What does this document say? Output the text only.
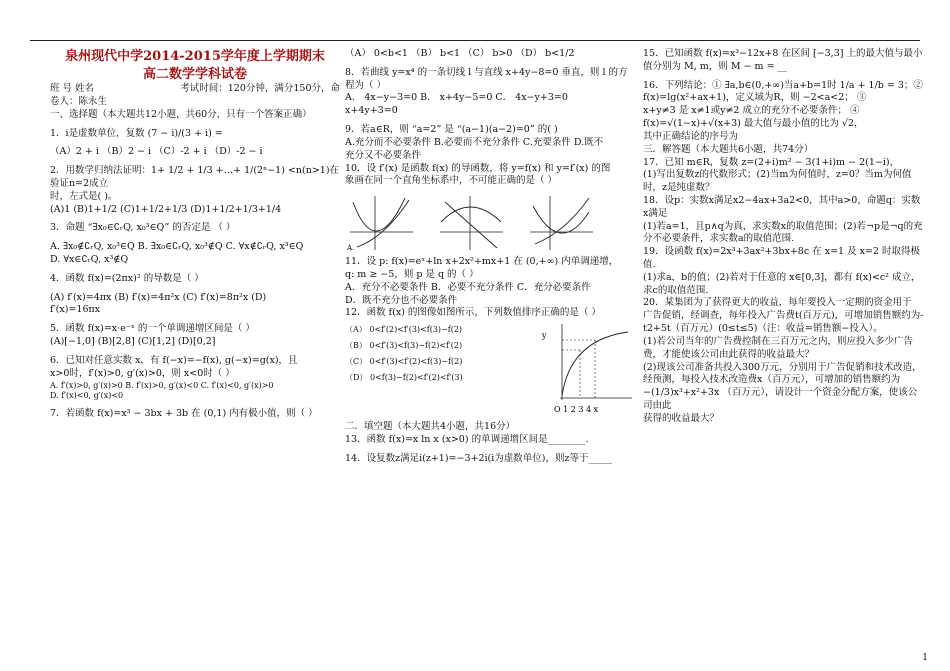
泉州现代中学2014-2015学年度上学期期末
高二数学学科试卷
班 号 姓名	考试时间：120分钟，满分150分，命
卷人：陈永生
一、选择题（本大题共12小题，共60分，只有一个答案正确）
1．i是虚数单位，复数 (7 − i)/(3 + i) =
（A）2 + i （B）2 − i （C）-2 + i （D）-2 − i
2．用数学归纳法证明：1+ 1/2 + 1/3 +…+ 1/(2ⁿ−1) <n(n>1)在验证n=2成立
时，左式是( )。
(A)1 (B)1+1/2 (C)1+1/2+1/3 (D)1+1/2+1/3+1/4
3．命题 “∃x₀∈∁ᵣQ, x₀³∈Q” 的否定是 （ ）
A. ∃x₀∉∁ᵣQ, x₀³∈Q B. ∃x₀∈∁ᵣQ, x₀³∉Q C. ∀x∉∁ᵣQ, x³∈Q
D. ∀x∈∁ᵣQ, x³∉Q
4．函数 f(x)=(2πx)² 的导数是（ ）
(A) f′(x)=4πx (B) f′(x)=4π²x (C) f′(x)=8π²x (D)
f′(x)=16πx
5．函数 f(x)=x·e⁻ˣ 的一个单调递增区间是（ ）
(A)[−1,0] (B)[2,8] (C)[1,2] (D)[0,2]
6．已知对任意实数 x，有 f(−x)=−f(x), g(−x)=g(x)，且
x>0时，f′(x)>0, g′(x)>0，则 x<0时（ ）
A. f′(x)>0, g′(x)>0 B. f′(x)>0, g′(x)<0 C. f′(x)<0, g′(x)>0
D. f′(x)<0, g′(x)<0
7．若函数 f(x)=x³ − 3bx + 3b 在 (0,1) 内有极小值，则（ ）
（A） 0<b<1 （B） b<1 （C） b>0 （D） b<1/2
8．若曲线 y=x⁴ 的一条切线 l 与直线 x+4y−8=0 垂直，则 l 的方
程为（ ）
A． 4x−y−3=0 B． x+4y−5=0 C． 4x−y+3=0
x+4y+3=0
9．若a∈R，则 “a=2” 是 “(a−1)(a−2)=0” 的( )
A.充分而不必要条件 B.必要而不充分条件 C.充要条件 D.既不
充分又不必要条件
10．设 f′(x) 是函数 f(x) 的导函数，将 y=f(x) 和 y=f′(x) 的图
象画在同一个直角坐标系中，不可能正确的是（ ）
A.
11．设 p: f(x)=eˣ+ln x+2x²+mx+1 在 (0,+∞) 内单调递增，
q: m ≥ −5，则 p 是 q 的（ ）
A．充分不必要条件 B．必要不充分条件 C．充分必要条件
D．既不充分也不必要条件
12．函数 f(x) 的图像如图所示，下列数值排序正确的是（ ）
（A） 0<f′(2)<f′(3)<f(3)−f(2)
（B） 0<f′(3)<f(3)−f(2)<f′(2)
（C） 0<f′(3)<f′(2)<f(3)−f(2)
（D） 0<f(3)−f(2)<f′(2)<f′(3)
y
O 1 2 3 4 x
二．填空题（本大题共4小题，共16分）
13．函数 f(x)=x ln x (x>0) 的单调递增区间是________.
14．设复数z满足i(z+1)=−3+2i(i为虚数单位)，则z等于_____
15．已知函数 f(x)=x³−12x+8 在区间 [−3,3] 上的最大值与最小
值分别为 M, m，则 M − m = __
16．下列结论：① ∃a,b∈(0,+∞)当a+b=1时 1/a + 1/b = 3；②
f(x)=lg(x²+ax+1)，定义域为R，则 −2<a<2； ③
x+y≠3 是 x≠1或y≠2 成立的充分不必要条件； ④
f(x)=√(1−x)+√(x+3) 最大值与最小值的比为 √2，
其中正确结论的序号为
三．解答题（本大题共6小题，共74分）
17．已知 m∈R，复数 z=(2+i)m² − 3(1+i)m − 2(1−i)，
(1)写出复数z的代数形式；(2)当m为何值时，z=0？当m为何值
时，z是纯虚数？
18．设p：实数x满足x2−4ax+3a2<0，其中a>0，命题q：实数x满足
(1)若a=1，且p∧q为真，求实数x的取值范围；(2)若¬p是¬q的充
分不必要条件，求实数a的取值范围.
19．设函数 f(x)=2x³+3ax²+3bx+8c 在 x=1 及 x=2 时取得极
值.
(1)求a，b的值；(2)若对于任意的 x∈[0,3]，都有 f(x)<c² 成立，
求c的取值范围.
20．某集团为了获得更大的收益，每年要投入一定期的资金用于
广告促销，经调查，每年投入广告费t(百万元)，可增加销售额约为-
t2+5t（百万元）(0≤t≤5)（注：收益=销售额−投入）。
(1)若公司当年的广告费控制在三百万元之内，则应投入多少广告
费，才能使该公司由此获得的收益最大？
(2)现该公司准备共投入300万元，分别用于广告促销和技术改造，
经预测，每投入技术改造费x（百万元），可增加的销售额约为
−(1/3)x³+x²+3x （百万元），请设计一个资金分配方案，使该公司由此
获得的收益最大？
1
